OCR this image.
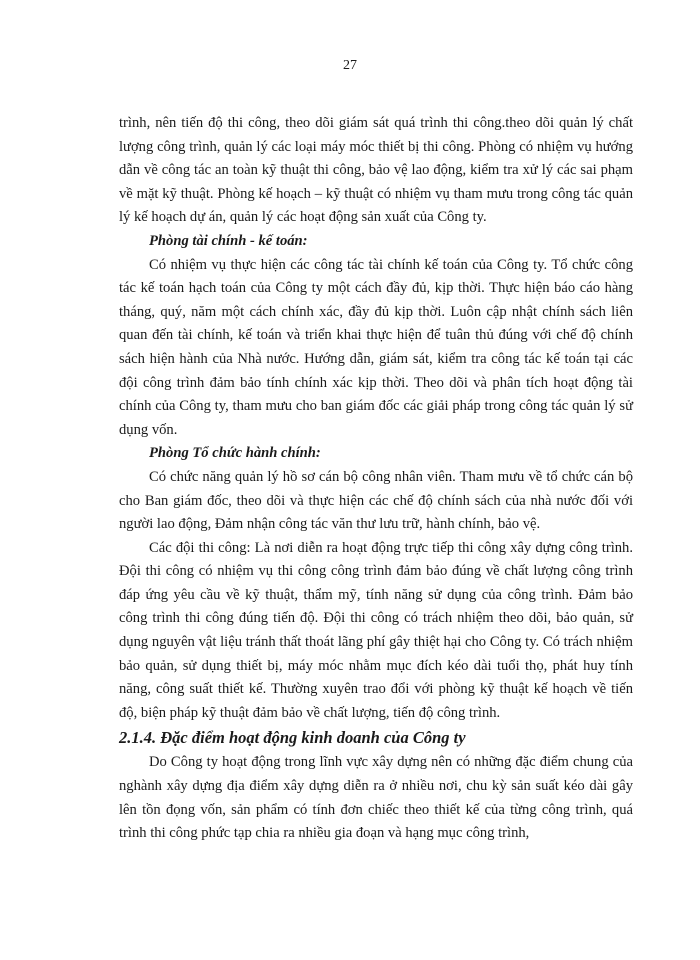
27

trình, nên tiến độ thi công, theo dõi giám sát quá trình thi công.theo dõi quản lý chất lượng công trình, quản lý các loại máy móc thiết bị thi công. Phòng có nhiệm vụ hướng dẫn về công tác an toàn kỹ thuật thi công, bảo vệ lao động, kiểm tra xử lý các sai phạm về mặt kỹ thuật. Phòng kế hoạch – kỹ thuật có nhiệm vụ tham mưu trong công tác quản lý kế hoạch dự án, quản lý các hoạt động sản xuất của Công ty.

Phòng tài chính - kế toán:

Có nhiệm vụ thực hiện các công tác tài chính kế toán của Công ty. Tổ chức công tác kế toán hạch toán của Công ty một cách đầy đủ, kịp thời. Thực hiện báo cáo hàng tháng, quý, năm một cách chính xác, đầy đủ kịp thời. Luôn cập nhật chính sách liên quan đến tài chính, kế toán và triển khai thực hiện để tuân thủ đúng với chế độ chính sách hiện hành của Nhà nước. Hướng dẫn, giám sát, kiểm tra công tác kế toán tại các đội công trình đảm bảo tính chính xác kịp thời. Theo dõi và phân tích hoạt động tài chính của Công ty, tham mưu cho ban giám đốc các giải pháp trong công tác quản lý sử dụng vốn.

Phòng Tổ chức hành chính:

Có chức năng quản lý hồ sơ cán bộ công nhân viên. Tham mưu về tổ chức cán bộ cho Ban giám đốc, theo dõi và thực hiện các chế độ chính sách của nhà nước đối với người lao động, Đảm nhận công tác văn thư lưu trữ, hành chính, bảo vệ.

Các đội thi công: Là nơi diễn ra hoạt động trực tiếp thi công xây dựng công trình. Đội thi công có nhiệm vụ thi công công trình đảm bảo đúng về chất lượng công trình đáp ứng yêu cầu về kỹ thuật, thẩm mỹ, tính năng sử dụng của công trình. Đảm bảo công trình thi công đúng tiến độ. Đội thi công có trách nhiệm theo dõi, bảo quản, sử dụng nguyên vật liệu tránh thất thoát lãng phí gây thiệt hại cho Công ty. Có trách nhiệm bảo quản, sử dụng thiết bị, máy móc nhằm mục đích kéo dài tuổi thọ, phát huy tính năng, công suất thiết kế. Thường xuyên trao đổi với phòng kỹ thuật kế hoạch về tiến độ, biện pháp kỹ thuật đảm bảo về chất lượng, tiến độ công trình.

2.1.4. Đặc điểm hoạt động kinh doanh của Công ty

Do Công ty hoạt động trong lĩnh vực xây dựng nên có những đặc điểm chung của nghành xây dựng địa điểm xây dựng diễn ra ở nhiều nơi, chu kỳ sản suất kéo dài gây lên tồn đọng vốn, sản phẩm có tính đơn chiếc theo thiết kế của từng công trình, quá trình thi công phức tạp chia ra nhiều gia đoạn và hạng mục công trình,
